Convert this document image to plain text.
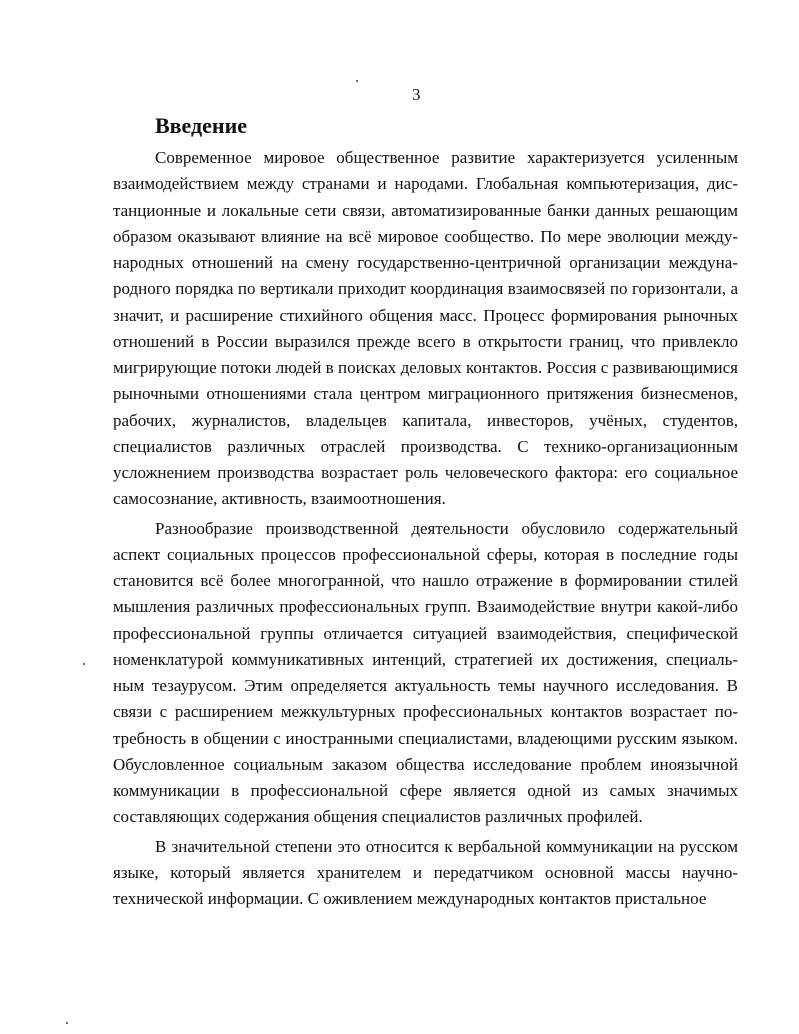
3
Введение

Современное мировое общественное развитие характеризуется усиленным взаимодействием между странами и народами. Глобальная компьютеризация, дистанционные и локальные сети связи, автоматизированные банки данных решающим образом оказывают влияние на всё мировое сообщество. По мере эволюции международных отношений на смену государственно-центричной организации международного порядка по вертикали приходит координация взаимосвязей по горизонтали, а значит, и расширение стихийного общения масс. Процесс формирования рыночных отношений в России выразился прежде всего в открытости границ, что привлекло мигрирующие потоки людей в поисках деловых контактов. Россия с развивающимися рыночными отношениями стала центром миграционного притяжения бизнесменов, рабочих, журналистов, владельцев капитала, инвесторов, учёных, студентов, специалистов различных отраслей производства. С технико-организационным усложнением производства возрастает роль человеческого фактора: его социальное самосознание, активность, взаимоотношения.

Разнообразие производственной деятельности обусловило содержательный аспект социальных процессов профессиональной сферы, которая в последние годы становится всё более многогранной, что нашло отражение в формировании стилей мышления различных профессиональных групп. Взаимодействие внутри какой-либо профессиональной группы отличается ситуацией взаимодействия, специфической номенклатурой коммуникативных интенций, стратегией их достижения, специальным тезаурусом. Этим определяется актуальность темы научного исследования. В связи с расширением межкультурных профессиональных контактов возрастает потребность в общении с иностранными специалистами, владеющими русским языком. Обусловленное социальным заказом общества исследование проблем иноязычной коммуникации в профессиональной сфере является одной из самых значимых составляющих содержания общения специалистов различных профилей.

В значительной степени это относится к вербальной коммуникации на русском языке, который является хранителем и передатчиком основной массы научно-технической информации. С оживлением международных контактов пристальное
